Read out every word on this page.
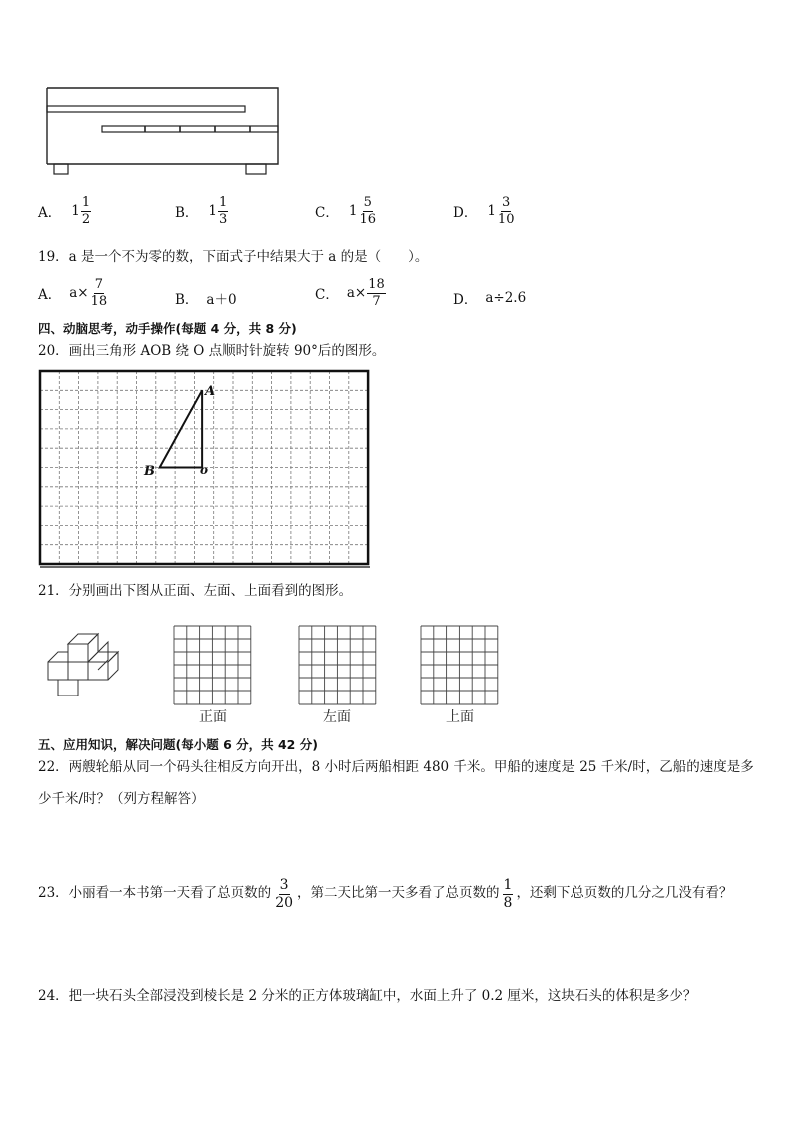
A． $1 \frac{1}{2}$	B． $1 \frac{1}{3}$	C． $1 \frac{5}{16}$	D． $1 \frac{3}{10}$
19．a 是一个不为零的数，下面式子中结果大于 a 的是（　　）。
A． $a\times \frac{7}{18}$	B． a＋0	C． $a\times \frac{18}{7}$	D． a÷2.6
四、动脑思考，动手操作(每题 4 分，共 8 分)
20．画出三角形 AOB 绕 O 点顺时针旋转 90°后的图形。
A
B	o
21．分别画出下图从正面、左面、上面看到的图形。
正面	左面	上面
五、应用知识，解决问题(每小题 6 分，共 42 分)
22．两艘轮船从同一个码头往相反方向开出，8 小时后两船相距 480 千米。甲船的速度是 25 千米/时，乙船的速度是多
少千米/时？（列方程解答）
23．小丽看一本书第一天看了总页数的 $\frac{3}{20}$ ，第二天比第一天多看了总页数的 $\frac{1}{8}$ ，还剩下总页数的几分之几没有看？
24．把一块石头全部浸没到棱长是 2 分米的正方体玻璃缸中，水面上升了 0.2 厘米，这块石头的体积是多少？
